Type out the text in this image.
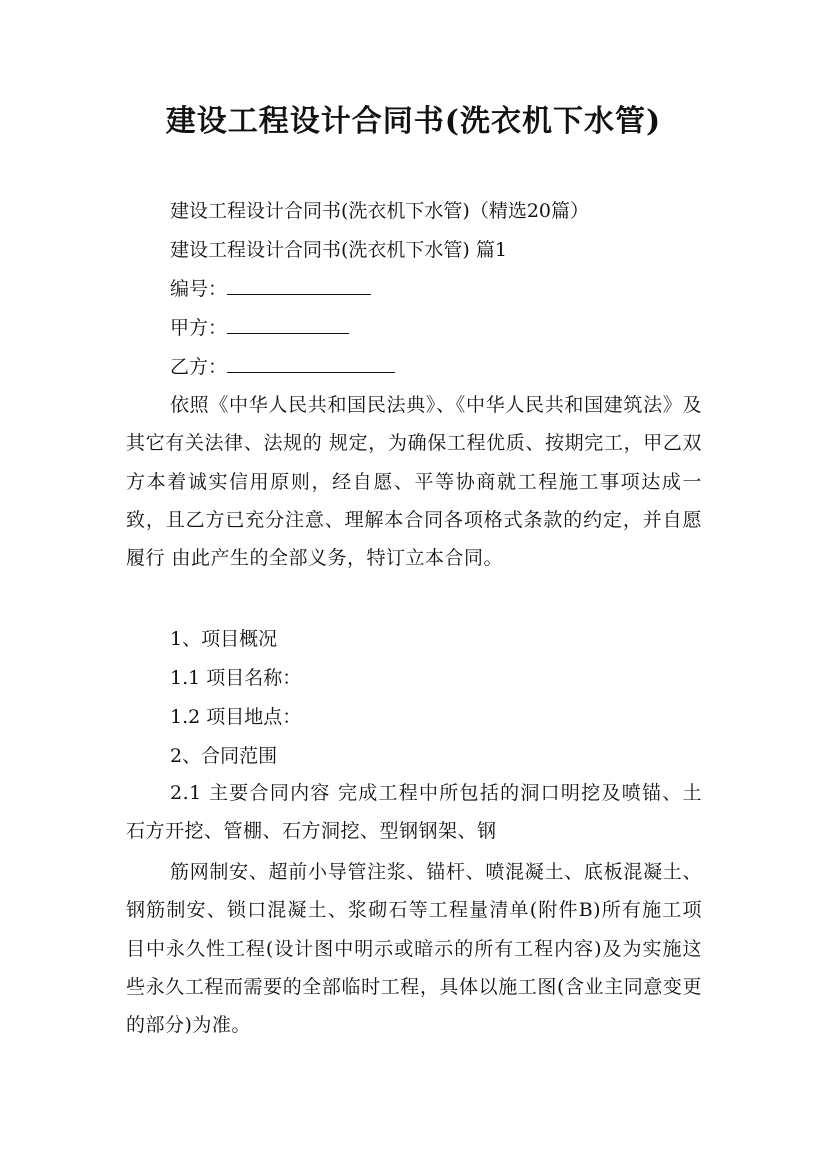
建设工程设计合同书(洗衣机下水管)
建设工程设计合同书(洗衣机下水管)（精选20篇）
建设工程设计合同书(洗衣机下水管) 篇1
编号：
甲方：
乙方：
依照《中华人民共和国民法典》、《中华人民共和国建筑法》及其它有关法律、法规的 规定，为确保工程优质、按期完工，甲乙双方本着诚实信用原则，经自愿、平等协商就工程施工事项达成一致，且乙方已充分注意、理解本合同各项格式条款的约定，并自愿履行 由此产生的全部义务，特订立本合同。
1、项目概况
1.1 项目名称：
1.2 项目地点：
2、合同范围
2.1 主要合同内容 完成工程中所包括的洞口明挖及喷锚、土石方开挖、管棚、石方洞挖、型钢钢架、钢
筋网制安、超前小导管注浆、锚杆、喷混凝土、底板混凝土、钢筋制安、锁口混凝土、浆砌石等工程量清单(附件B)所有施工项目中永久性工程(设计图中明示或暗示的所有工程内容)及为实施这些永久工程而需要的全部临时工程，具体以施工图(含业主同意变更的部分)为准。
